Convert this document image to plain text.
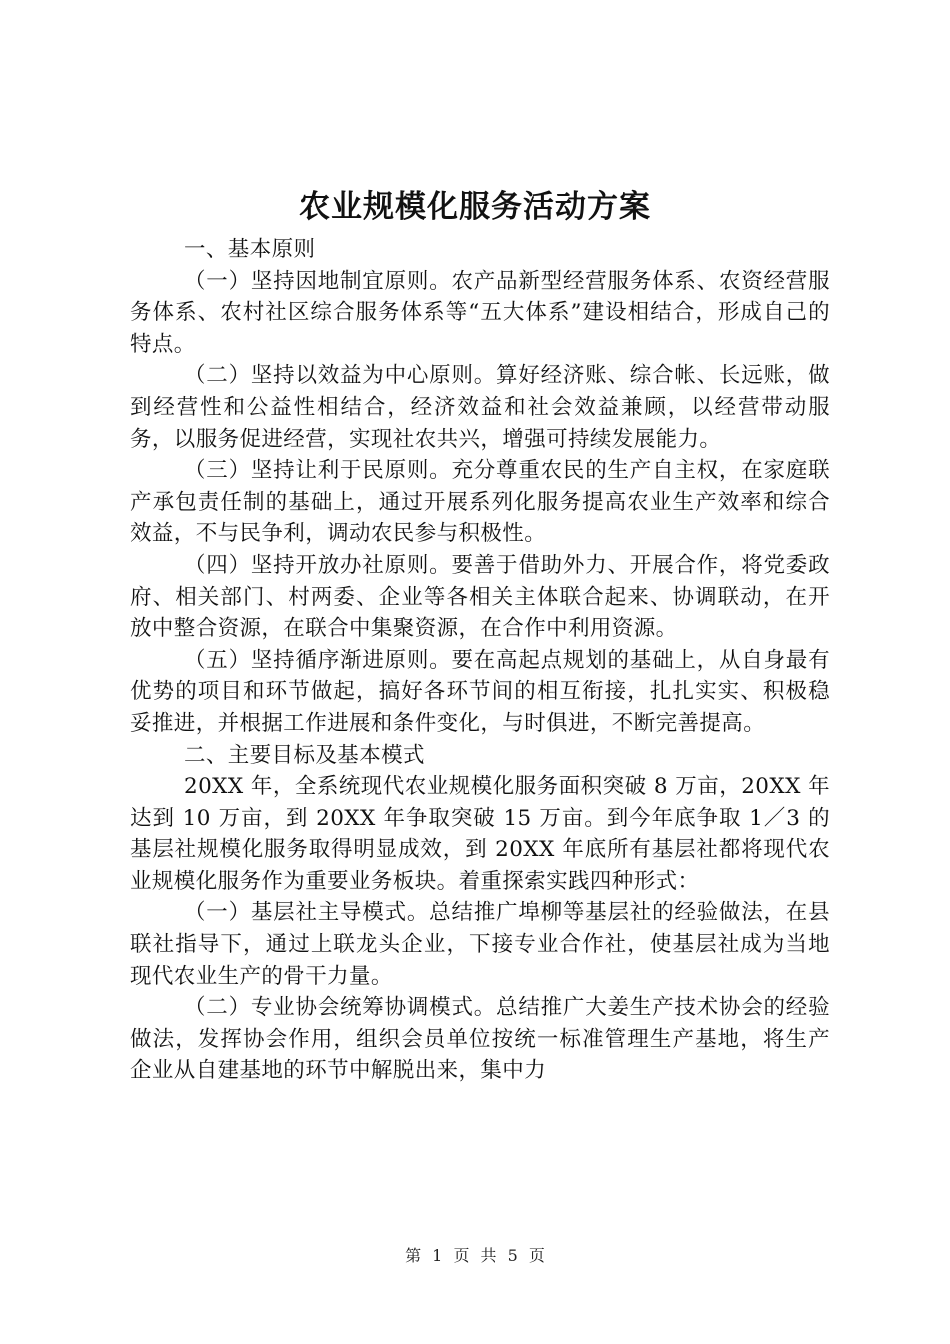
农业规模化服务活动方案

一、基本原则

（一）坚持因地制宜原则。农产品新型经营服务体系、农资经营服务体系、农村社区综合服务体系等“五大体系”建设相结合，形成自己的特点。

（二）坚持以效益为中心原则。算好经济账、综合帐、长远账，做到经营性和公益性相结合，经济效益和社会效益兼顾，以经营带动服务，以服务促进经营，实现社农共兴，增强可持续发展能力。

（三）坚持让利于民原则。充分尊重农民的生产自主权，在家庭联产承包责任制的基础上，通过开展系列化服务提高农业生产效率和综合效益，不与民争利，调动农民参与积极性。

（四）坚持开放办社原则。要善于借助外力、开展合作，将党委政府、相关部门、村两委、企业等各相关主体联合起来、协调联动，在开放中整合资源，在联合中集聚资源，在合作中利用资源。

（五）坚持循序渐进原则。要在高起点规划的基础上，从自身最有优势的项目和环节做起，搞好各环节间的相互衔接，扎扎实实、积极稳妥推进，并根据工作进展和条件变化，与时俱进，不断完善提高。

二、主要目标及基本模式

20XX 年，全系统现代农业规模化服务面积突破 8 万亩，20XX 年达到 10 万亩，到 20XX 年争取突破 15 万亩。到今年底争取 1／3 的基层社规模化服务取得明显成效，到 20XX 年底所有基层社都将现代农业规模化服务作为重要业务板块。着重探索实践四种形式：

（一）基层社主导模式。总结推广埠柳等基层社的经验做法，在县联社指导下，通过上联龙头企业，下接专业合作社，使基层社成为当地现代农业生产的骨干力量。

（二）专业协会统筹协调模式。总结推广大姜生产技术协会的经验做法，发挥协会作用，组织会员单位按统一标准管理生产基地，将生产企业从自建基地的环节中解脱出来，集中力

第 1 页 共 5 页
